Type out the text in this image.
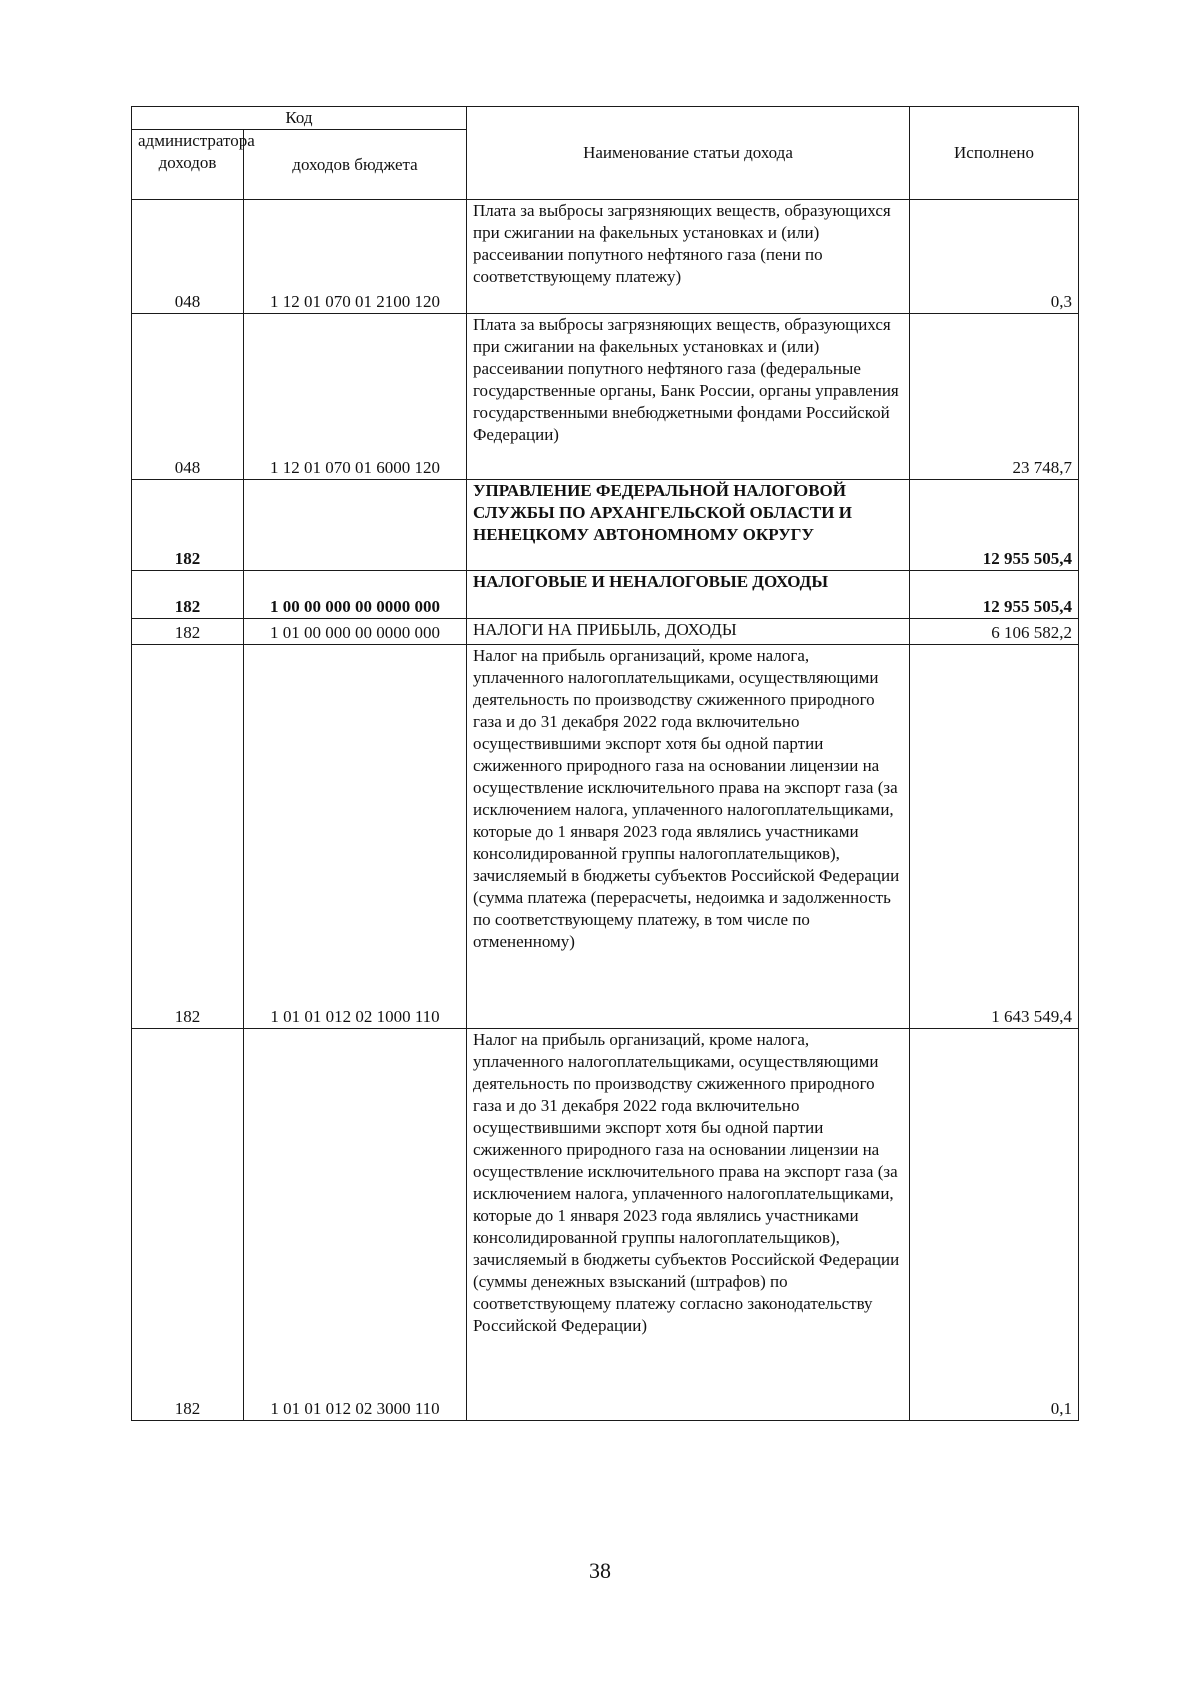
Код		Наименование статьи дохода	Исполнено
администратора доходов	доходов бюджета		
048	1 12 01 070 01 2100 120	Плата за выбросы загрязняющих веществ, образующихся при сжигании на факельных установках и (или) рассеивании попутного нефтяного газа (пени по соответствующему платежу)	0,3
048	1 12 01 070 01 6000 120	Плата за выбросы загрязняющих веществ, образующихся при сжигании на факельных установках и (или) рассеивании попутного нефтяного газа (федеральные государственные органы, Банк России, органы управления государственными внебюджетными фондами Российской Федерации)	23 748,7
182		УПРАВЛЕНИЕ ФЕДЕРАЛЬНОЙ НАЛОГОВОЙ СЛУЖБЫ ПО АРХАНГЕЛЬСКОЙ ОБЛАСТИ И НЕНЕЦКОМУ АВТОНОМНОМУ ОКРУГУ	12 955 505,4
182	1 00 00 000 00 0000 000	НАЛОГОВЫЕ И НЕНАЛОГОВЫЕ ДОХОДЫ	12 955 505,4
182	1 01 00 000 00 0000 000	НАЛОГИ НА ПРИБЫЛЬ, ДОХОДЫ	6 106 582,2
182	1 01 01 012 02 1000 110	Налог на прибыль организаций, кроме налога, уплаченного налогоплательщиками, осуществляющими деятельность по производству сжиженного природного газа и до 31 декабря 2022 года включительно осуществившими экспорт хотя бы одной партии сжиженного природного газа на основании лицензии на осуществление исключительного права на экспорт газа (за исключением налога, уплаченного налогоплательщиками, которые до 1 января 2023 года являлись участниками консолидированной группы налогоплательщиков), зачисляемый в бюджеты субъектов Российской Федерации (сумма платежа (перерасчеты, недоимка и задолженность по соответствующему платежу, в том числе по отмененному)	1 643 549,4
182	1 01 01 012 02 3000 110	Налог на прибыль организаций, кроме налога, уплаченного налогоплательщиками, осуществляющими деятельность по производству сжиженного природного газа и до 31 декабря 2022 года включительно осуществившими экспорт хотя бы одной партии сжиженного природного газа на основании лицензии на осуществление исключительного права на экспорт газа (за исключением налога, уплаченного налогоплательщиками, которые до 1 января 2023 года являлись участниками консолидированной группы налогоплательщиков), зачисляемый в бюджеты субъектов Российской Федерации (суммы денежных взысканий (штрафов) по соответствующему платежу согласно законодательству Российской Федерации)	0,1
38
